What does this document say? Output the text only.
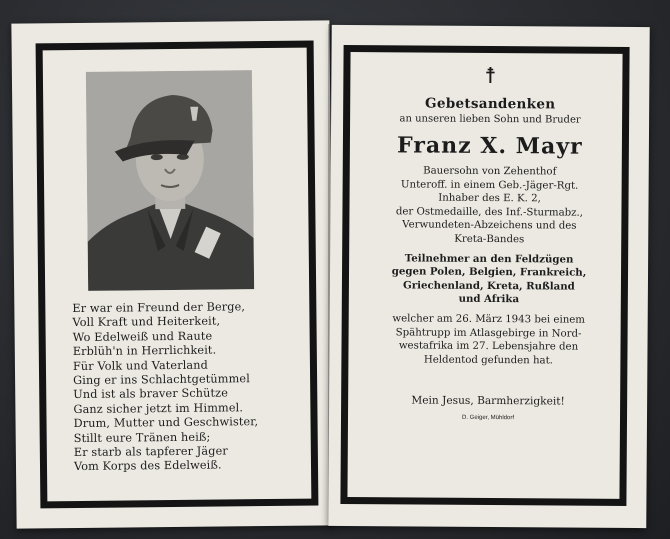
Er war ein Freund der Berge,
Voll Kraft und Heiterkeit,
Wo Edelweiß und Raute
Erblüh'n in Herrlichkeit.
Für Volk und Vaterland
Ging er ins Schlachtgetümmel
Und ist als braver Schütze
Ganz sicher jetzt im Himmel.
Drum, Mutter und Geschwister,
Stillt eure Tränen heiß;
Er starb als tapferer Jäger
Vom Korps des Edelweiß.
☨
Gebetsandenken
an unseren lieben Sohn und Bruder
Franz X. Mayr
Bauersohn von Zehenthof
Unteroff. in einem Geb.-Jäger-Rgt.
Inhaber des E. K. 2,
der Ostmedaille, des Inf.-Sturmabz.,
Verwundeten-Abzeichens und des
Kreta-Bandes
Teilnehmer an den Feldzügen
gegen Polen, Belgien, Frankreich,
Griechenland, Kreta, Rußland
und Afrika
welcher am 26. März 1943 bei einem
Spähtrupp im Atlasgebirge in Nord-
westafrika im 27. Lebensjahre den
Heldentod gefunden hat.
Mein Jesus, Barmherzigkeit!
D. Geiger, Mühldorf
